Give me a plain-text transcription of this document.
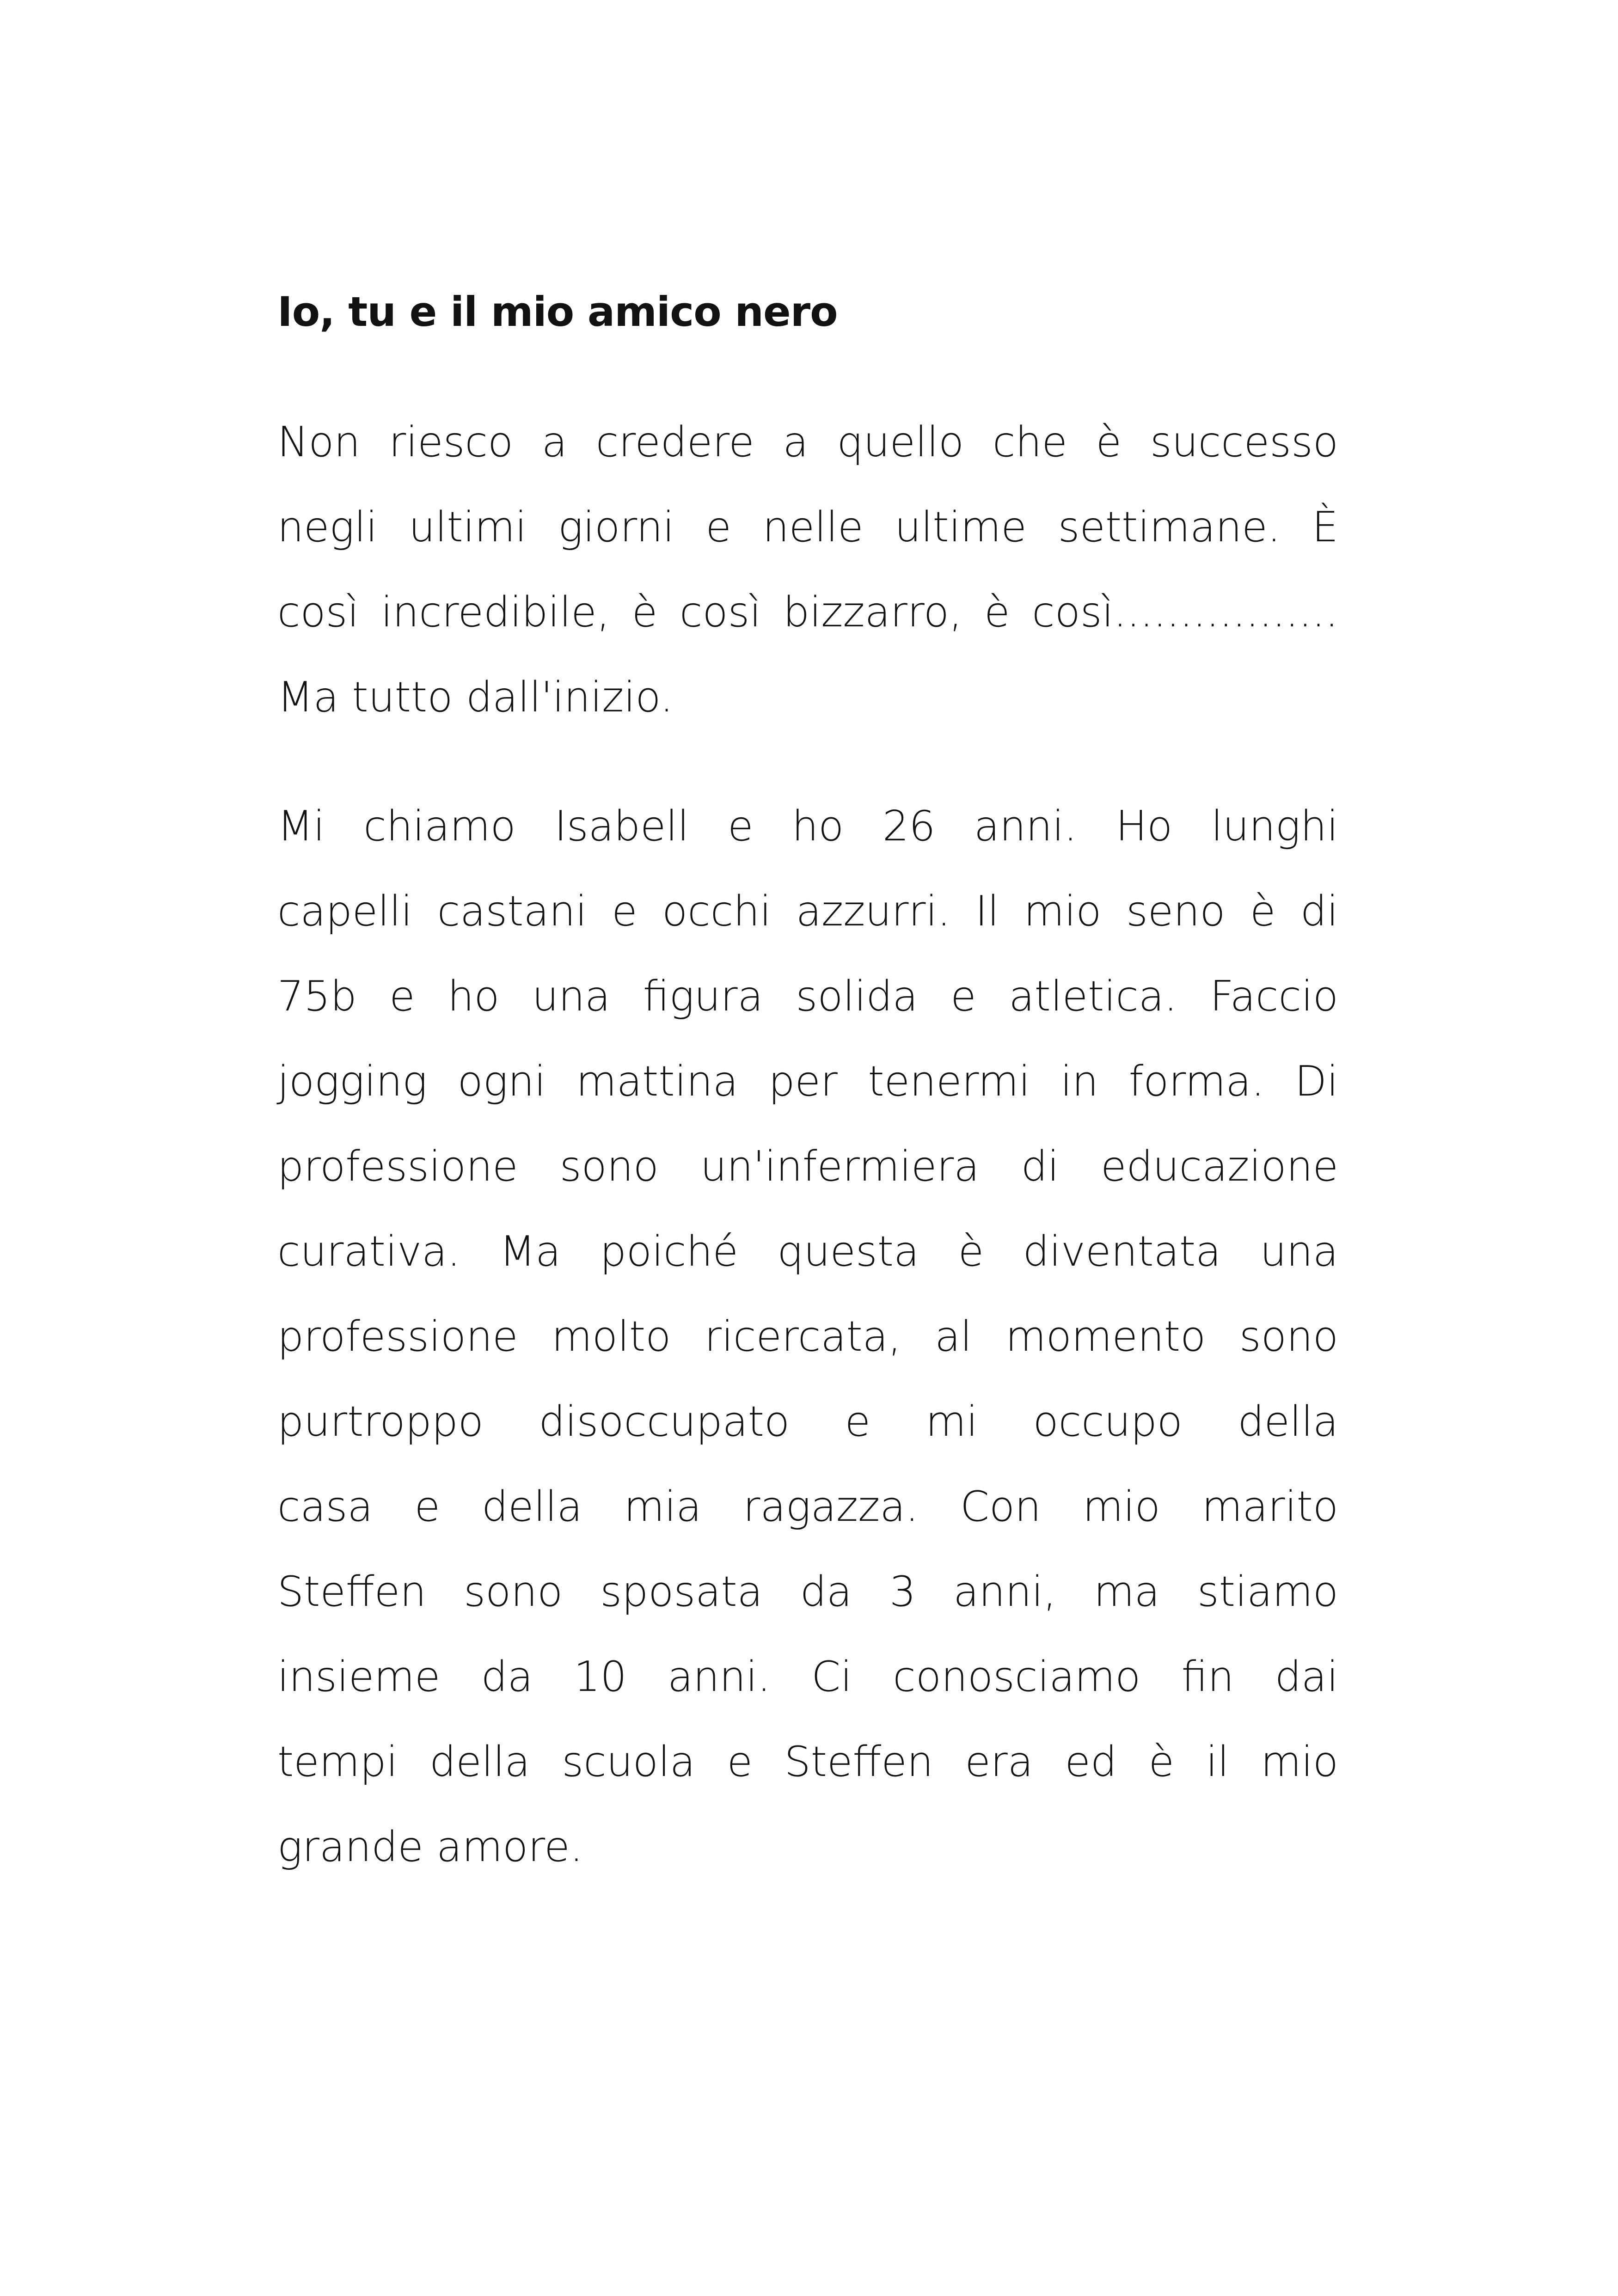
Io, tu e il mio amico nero
Non riesco a credere a quello che è successo
negli ultimi giorni e nelle ultime settimane. È
così incredibile, è così bizzarro, è così.................
Ma tutto dall'inizio.
Mi chiamo Isabell e ho 26 anni. Ho lunghi
capelli castani e occhi azzurri. Il mio seno è di
75b e ho una figura solida e atletica. Faccio
jogging ogni mattina per tenermi in forma. Di
professione sono un'infermiera di educazione
curativa. Ma poiché questa è diventata una
professione molto ricercata, al momento sono
purtroppo disoccupato e mi occupo della
casa e della mia ragazza. Con mio marito
Steffen sono sposata da 3 anni, ma stiamo
insieme da 10 anni. Ci conosciamo fin dai
tempi della scuola e Steffen era ed è il mio
grande amore.
